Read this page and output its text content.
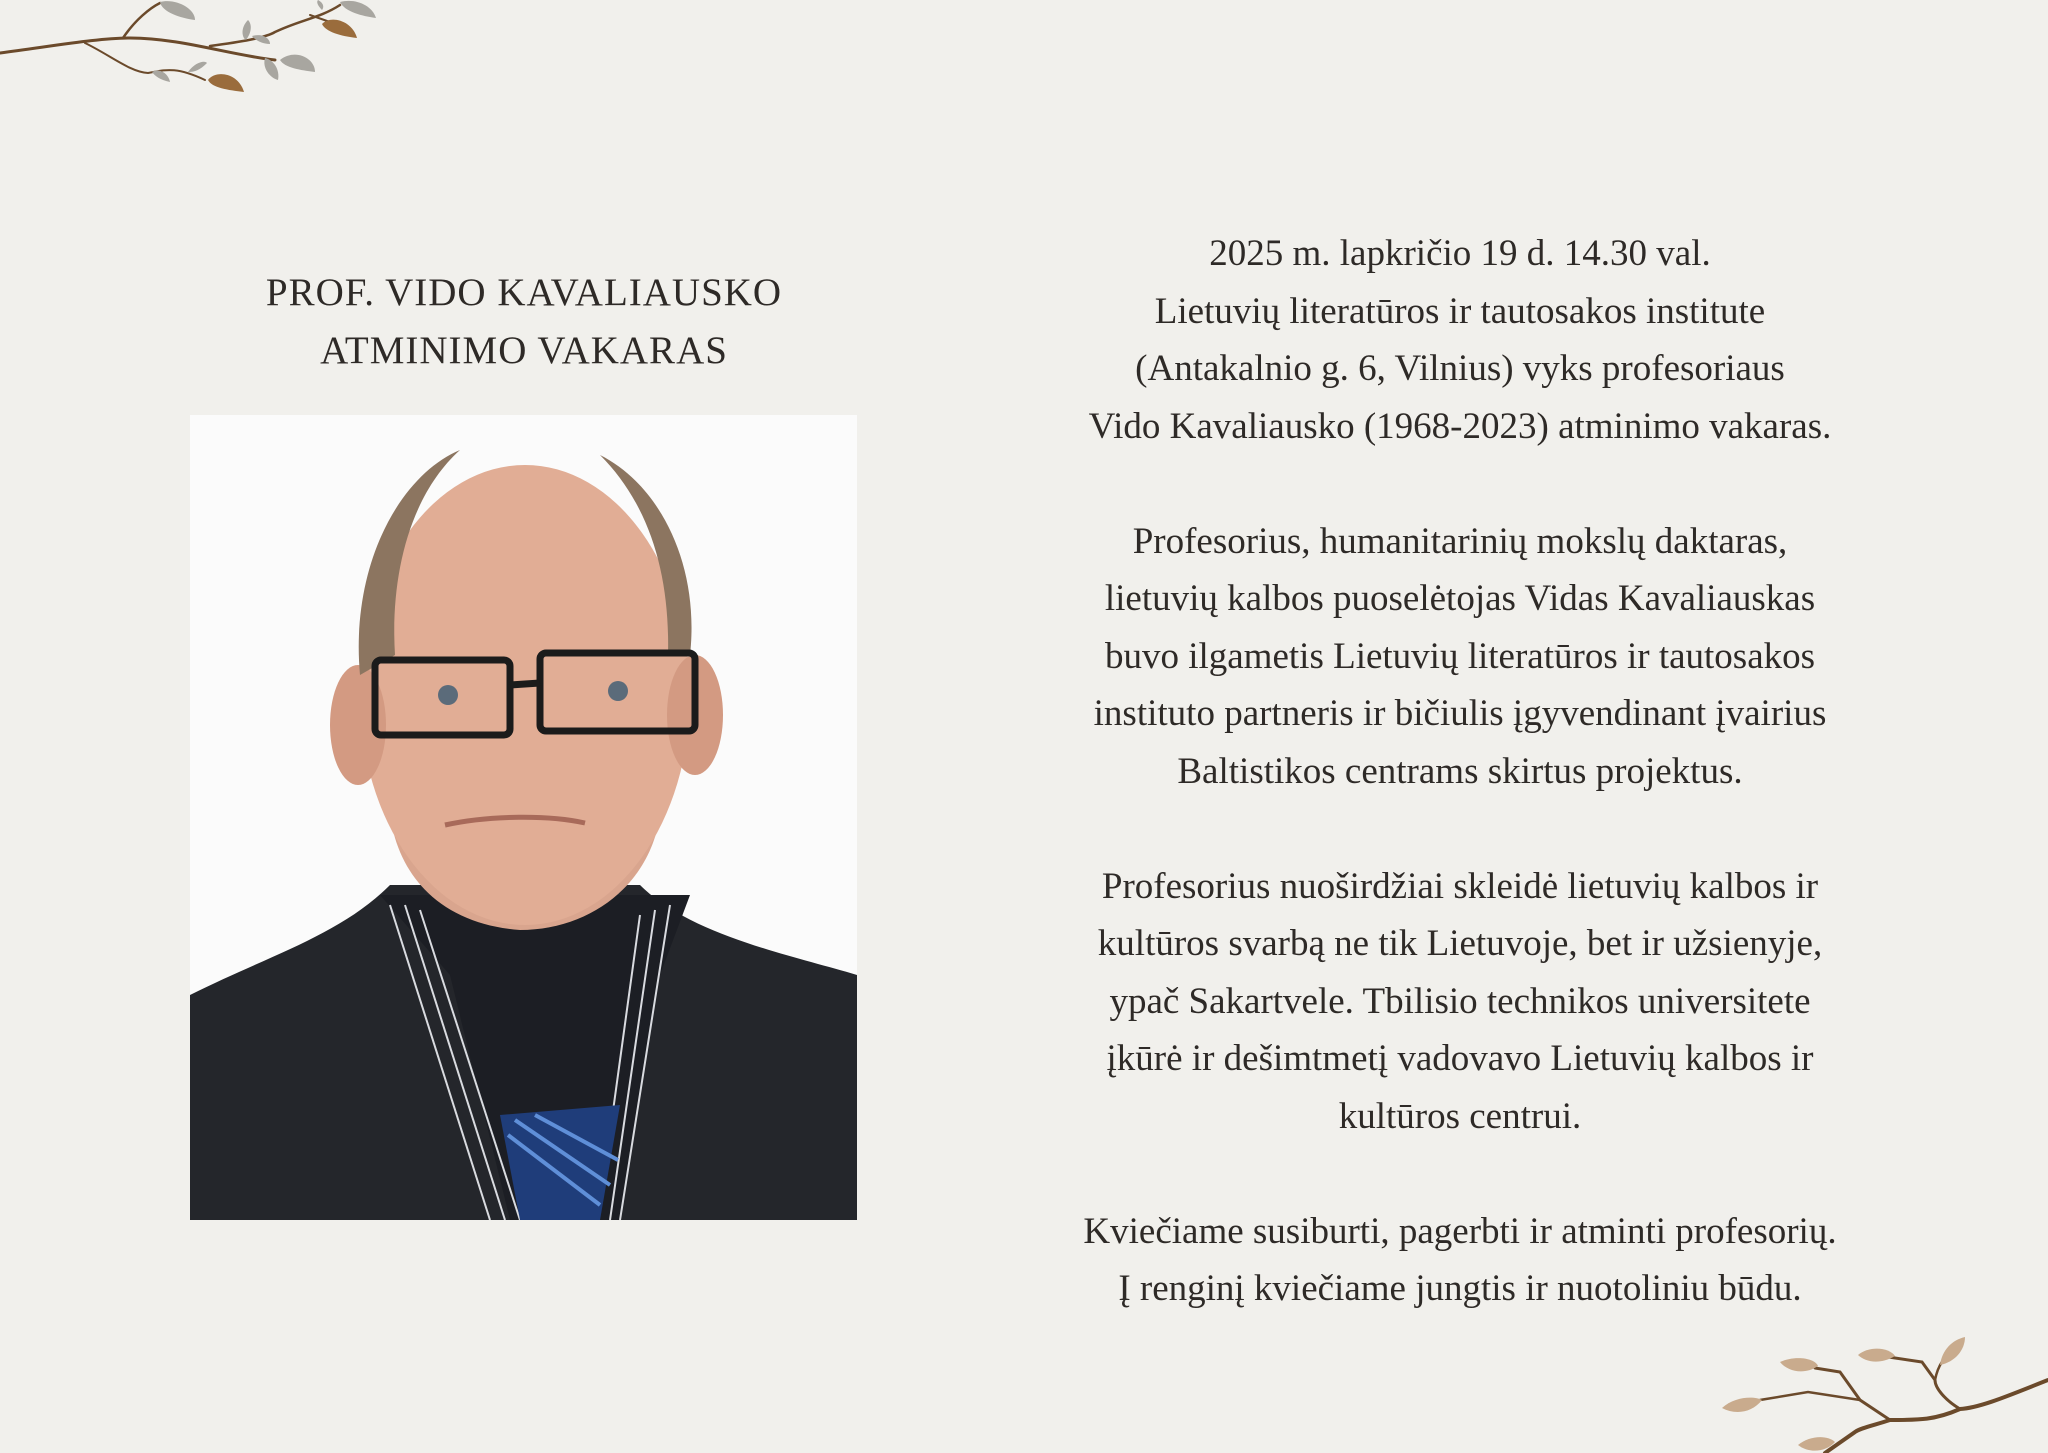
PROF. VIDO KAVALIAUSKO
ATMINIMO VAKARAS
2025 m. lapkričio 19 d. 14.30 val.
Lietuvių literatūros ir tautosakos institute
(Antakalnio g. 6, Vilnius) vyks profesoriaus
Vido Kavaliausko (1968-2023) atminimo vakaras.
Profesorius, humanitarinių mokslų daktaras,
lietuvių kalbos puoselėtojas Vidas Kavaliauskas
buvo ilgametis Lietuvių literatūros ir tautosakos
instituto partneris ir bičiulis įgyvendinant įvairius
Baltistikos centrams skirtus projektus.
Profesorius nuoširdžiai skleidė lietuvių kalbos ir
kultūros svarbą ne tik Lietuvoje, bet ir užsienyje,
ypač Sakartvele. Tbilisio technikos universitete
įkūrė ir dešimtmetį vadovavo Lietuvių kalbos ir
kultūros centrui.
Kviečiame susiburti, pagerbti ir atminti profesorių.
Į renginį kviečiame jungtis ir nuotoliniu būdu.
